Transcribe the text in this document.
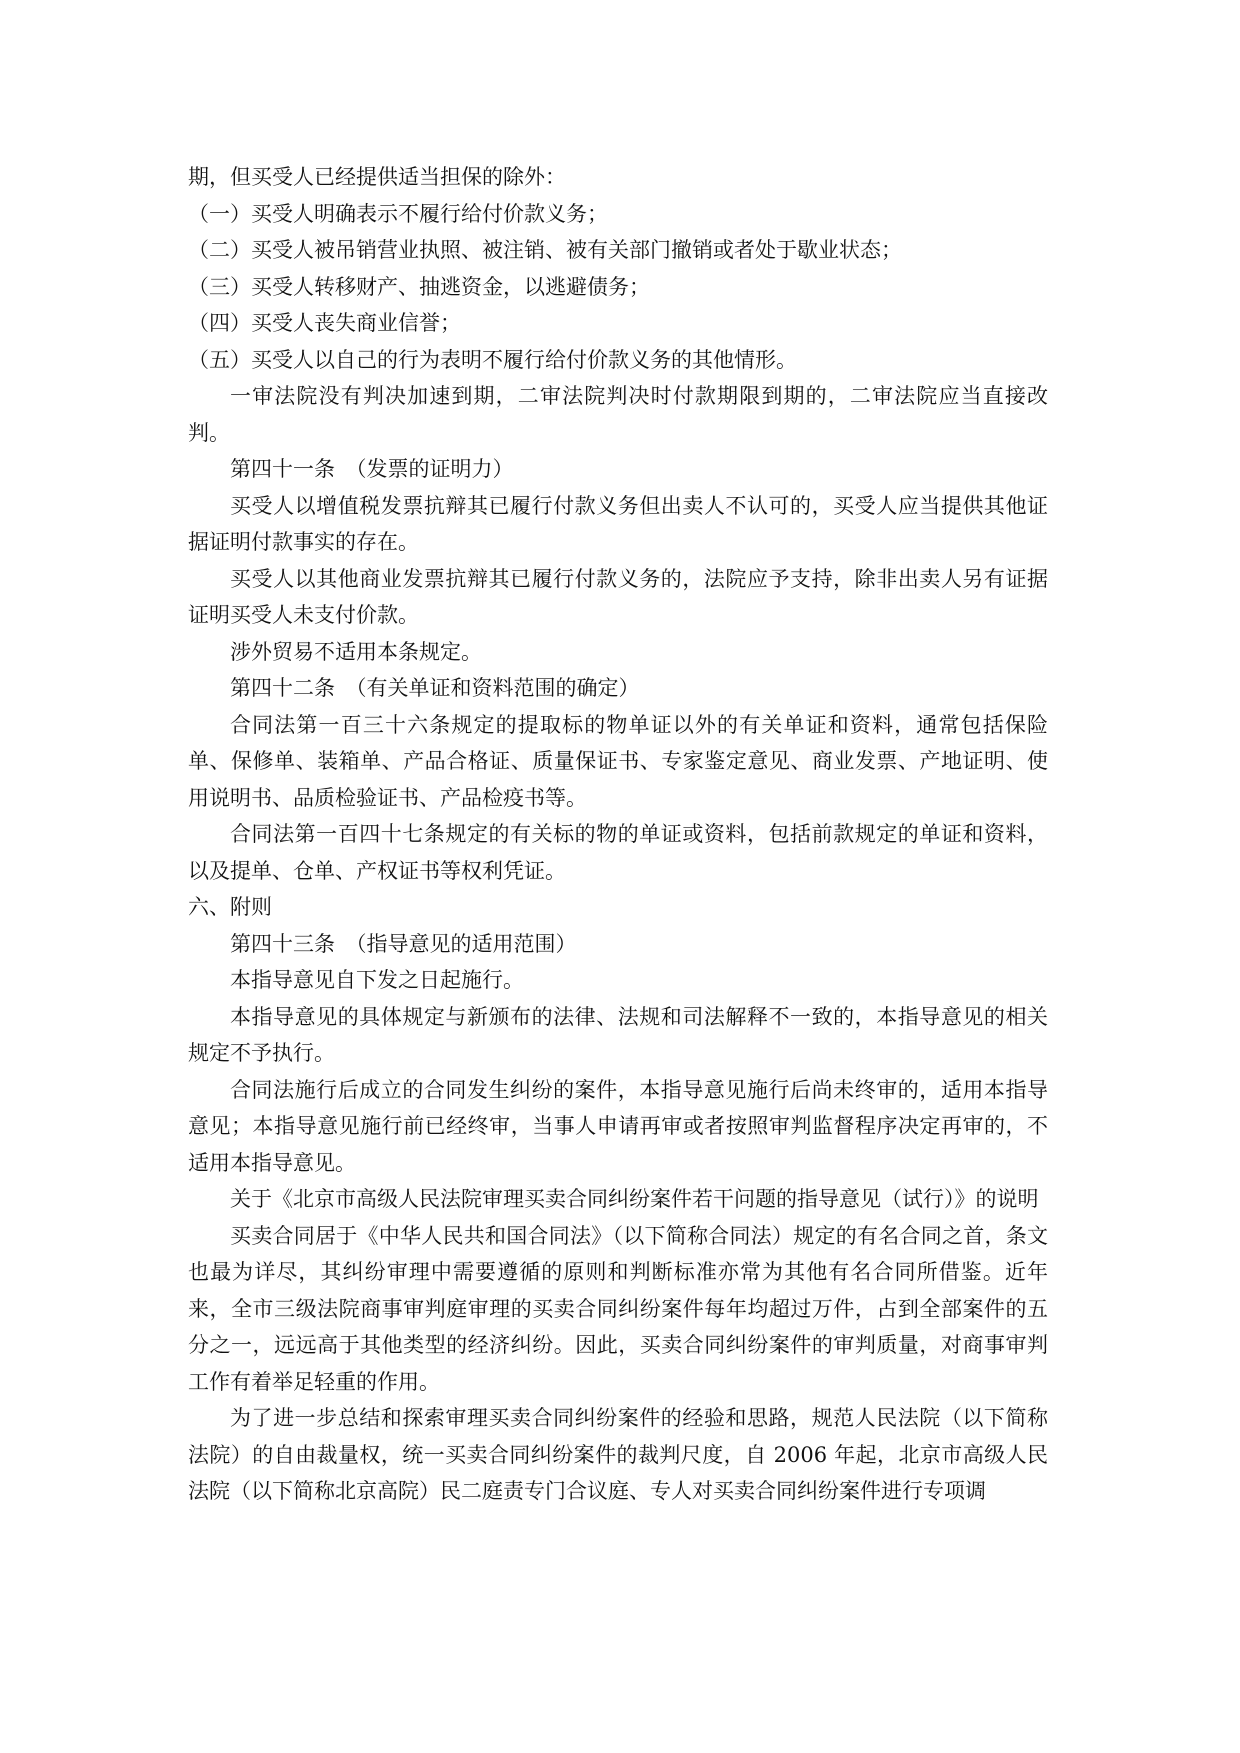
期，但买受人已经提供适当担保的除外：

（一）买受人明确表示不履行给付价款义务；

（二）买受人被吊销营业执照、被注销、被有关部门撤销或者处于歇业状态；

（三）买受人转移财产、抽逃资金，以逃避债务；

（四）买受人丧失商业信誉；

（五）买受人以自己的行为表明不履行给付价款义务的其他情形。

一审法院没有判决加速到期，二审法院判决时付款期限到期的，二审法院应当直接改判。

第四十一条　（发票的证明力）

买受人以增值税发票抗辩其已履行付款义务但出卖人不认可的，买受人应当提供其他证据证明付款事实的存在。

买受人以其他商业发票抗辩其已履行付款义务的，法院应予支持，除非出卖人另有证据证明买受人未支付价款。

涉外贸易不适用本条规定。

第四十二条　（有关单证和资料范围的确定）

合同法第一百三十六条规定的提取标的物单证以外的有关单证和资料，通常包括保险单、保修单、装箱单、产品合格证、质量保证书、专家鉴定意见、商业发票、产地证明、使用说明书、品质检验证书、产品检疫书等。

合同法第一百四十七条规定的有关标的物的单证或资料，包括前款规定的单证和资料，以及提单、仓单、产权证书等权利凭证。

六、附则

第四十三条　（指导意见的适用范围）

本指导意见自下发之日起施行。

本指导意见的具体规定与新颁布的法律、法规和司法解释不一致的，本指导意见的相关规定不予执行。

合同法施行后成立的合同发生纠纷的案件，本指导意见施行后尚未终审的，适用本指导意见；本指导意见施行前已经终审，当事人申请再审或者按照审判监督程序决定再审的，不适用本指导意见。

关于《北京市高级人民法院审理买卖合同纠纷案件若干问题的指导意见（试行）》的说明

买卖合同居于《中华人民共和国合同法》（以下简称合同法）规定的有名合同之首，条文也最为详尽，其纠纷审理中需要遵循的原则和判断标准亦常为其他有名合同所借鉴。近年来，全市三级法院商事审判庭审理的买卖合同纠纷案件每年均超过万件，占到全部案件的五分之一，远远高于其他类型的经济纠纷。因此，买卖合同纠纷案件的审判质量，对商事审判工作有着举足轻重的作用。

为了进一步总结和探索审理买卖合同纠纷案件的经验和思路，规范人民法院（以下简称法院）的自由裁量权，统一买卖合同纠纷案件的裁判尺度，自 2006 年起，北京市高级人民法院（以下简称北京高院）民二庭责专门合议庭、专人对买卖合同纠纷案件进行专项调
